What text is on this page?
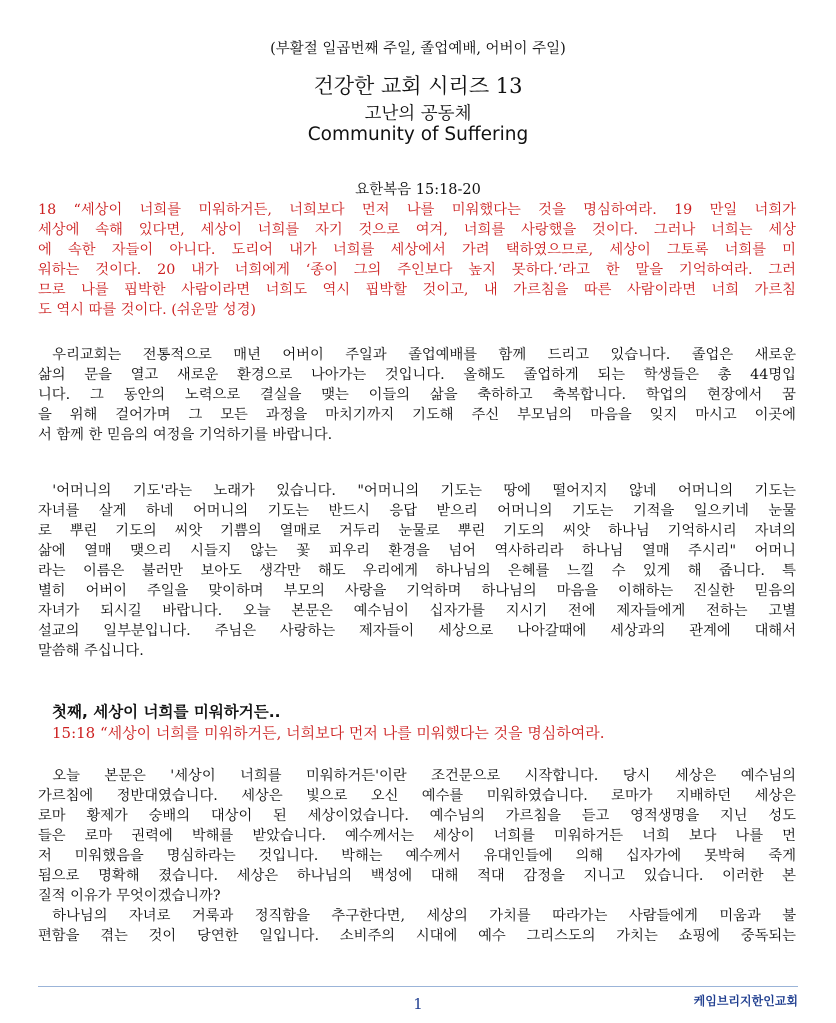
(부활절 일곱번째 주일, 졸업예배, 어버이 주일)
건강한 교회 시리즈 13
고난의 공동체
Community of Suffering
요한복음 15:18-20
18 “세상이 너희를 미워하거든, 너희보다 먼저 나를 미워했다는 것을 명심하여라. 19 만일 너희가
세상에 속해 있다면, 세상이 너희를 자기 것으로 여겨, 너희를 사랑했을 것이다. 그러나 너희는 세상
에 속한 자들이 아니다. 도리어 내가 너희를 세상에서 가려 택하였으므로, 세상이 그토록 너희를 미
워하는 것이다. 20 내가 너희에게 ‘종이 그의 주인보다 높지 못하다.’라고 한 말을 기억하여라. 그러
므로 나를 핍박한 사람이라면 너희도 역시 핍박할 것이고, 내 가르침을 따른 사람이라면 너희 가르침
도 역시 따를 것이다. (쉬운말 성경)
우리교회는 전통적으로 매년 어버이 주일과 졸업예배를 함께 드리고 있습니다. 졸업은 새로운
삶의 문을 열고 새로운 환경으로 나아가는 것입니다. 올해도 졸업하게 되는 학생들은 총 44명입
니다. 그 동안의 노력으로 결실을 맺는 이들의 삶을 축하하고 축복합니다. 학업의 현장에서 꿈
을 위해 걸어가며 그 모든 과정을 마치기까지 기도해 주신 부모님의 마음을 잊지 마시고 이곳에
서 함께 한 믿음의 여정을 기억하기를 바랍니다.
'어머니의 기도'라는 노래가 있습니다. "어머니의 기도는 땅에 떨어지지 않네 어머니의 기도는
자녀를 살게 하네 어머니의 기도는 반드시 응답 받으리 어머니의 기도는 기적을 일으키네 눈물
로 뿌린 기도의 씨앗 기쁨의 열매로 거두리 눈물로 뿌린 기도의 씨앗 하나님 기억하시리 자녀의
삶에 열매 맺으리 시들지 않는 꽃 피우리 환경을 넘어 역사하리라 하나님 열매 주시리" 어머니
라는 이름은 불러만 보아도 생각만 해도 우리에게 하나님의 은혜를 느낄 수 있게 해 줍니다. 특
별히 어버이 주일을 맞이하며 부모의 사랑을 기억하며 하나님의 마음을 이해하는 진실한 믿음의
자녀가 되시길 바랍니다. 오늘 본문은 예수님이 십자가를 지시기 전에 제자들에게 전하는 고별
설교의 일부분입니다. 주님은 사랑하는 제자들이 세상으로 나아갈때에 세상과의 관계에 대해서
말씀해 주십니다.
첫째, 세상이 너희를 미워하거든..
15:18 “세상이 너희를 미워하거든, 너희보다 먼저 나를 미워했다는 것을 명심하여라.
오늘 본문은 '세상이 너희를 미워하거든'이란 조건문으로 시작합니다. 당시 세상은 예수님의
가르침에 정반대였습니다. 세상은 빛으로 오신 예수를 미워하였습니다. 로마가 지배하던 세상은
로마 황제가 숭배의 대상이 된 세상이었습니다. 예수님의 가르침을 듣고 영적생명을 지닌 성도
들은 로마 권력에 박해를 받았습니다. 예수께서는 세상이 너희를 미워하거든 너희 보다 나를 먼
저 미워했음을 명심하라는 것입니다. 박해는 예수께서 유대인들에 의해 십자가에 못박혀 죽게
됨으로 명확해 졌습니다. 세상은 하나님의 백성에 대해 적대 감정을 지니고 있습니다. 이러한 본
질적 이유가 무엇이겠습니까?
하나님의 자녀로 거룩과 정직함을 추구한다면, 세상의 가치를 따라가는 사람들에게 미움과 불
편함을 겪는 것이 당연한 일입니다. 소비주의 시대에 예수 그리스도의 가치는 쇼핑에 중독되는
1	케임브리지한인교회
